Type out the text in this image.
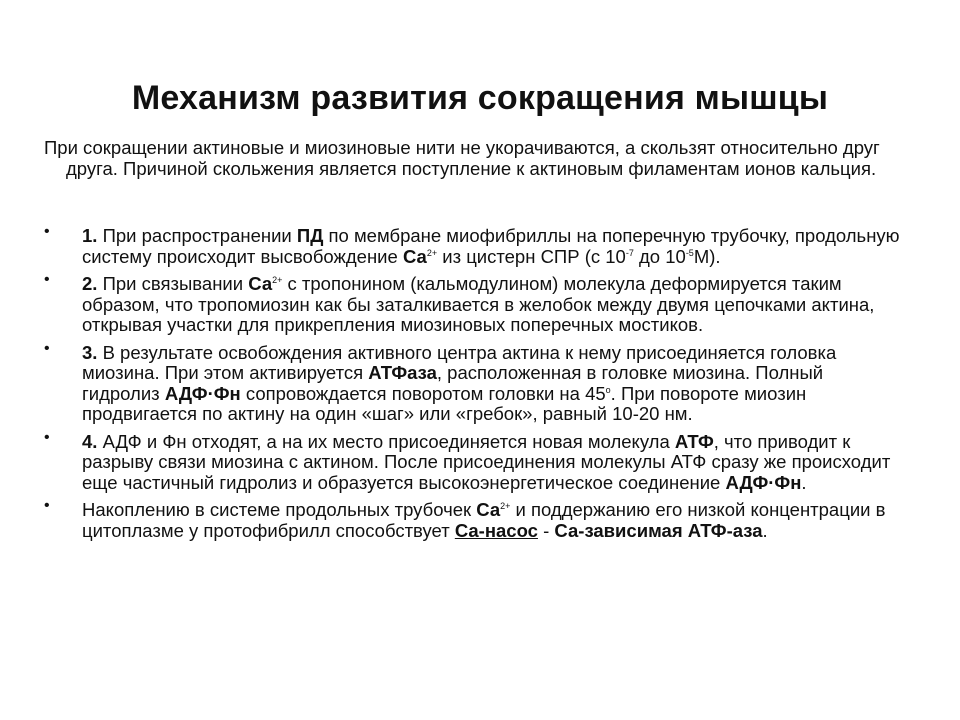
Механизм развития сокращения мышцы

При сокращении актиновые и миозиновые нити не укорачиваются, а скользят относительно друг друга. Причиной скольжения является поступление к актиновым филаментам ионов кальция.

• 1. При распространении ПД по мембране миофибриллы на поперечную трубочку, продольную систему происходит высвобождение $Са^{2+}$ из цистерн СПР (с $10^{-7}$ до $10^{-5}М$).
• 2. При связывании $Са^{2+}$ с тропонином (кальмодулином) молекула деформируется таким образом, что тропомиозин как бы заталкивается в желобок между двумя цепочками актина, открывая участки для прикрепления миозиновых поперечных мостиков.
• 3. В результате освобождения активного центра актина к нему присоединяется головка миозина. При этом активируется АТФаза, расположенная в головке миозина. Полный гидролиз АДФ·Фн сопровождается поворотом головки на $45^о$. При повороте миозин продвигается по актину на один «шаг» или «гребок», равный 10-20 нм.
• 4. АДФ и Фн отходят, а на их место присоединяется новая молекула АТФ, что приводит к разрыву связи миозина с актином. После присоединения молекулы АТФ сразу же происходит еще частичный гидролиз и образуется высокоэнергетическое соединение АДФ·Фн.
• Накоплению в системе продольных трубочек $Са^{2+}$ и поддержанию его низкой концентрации в цитоплазме у протофибрилл способствует Са-насос - Са-зависимая АТФ-аза.
